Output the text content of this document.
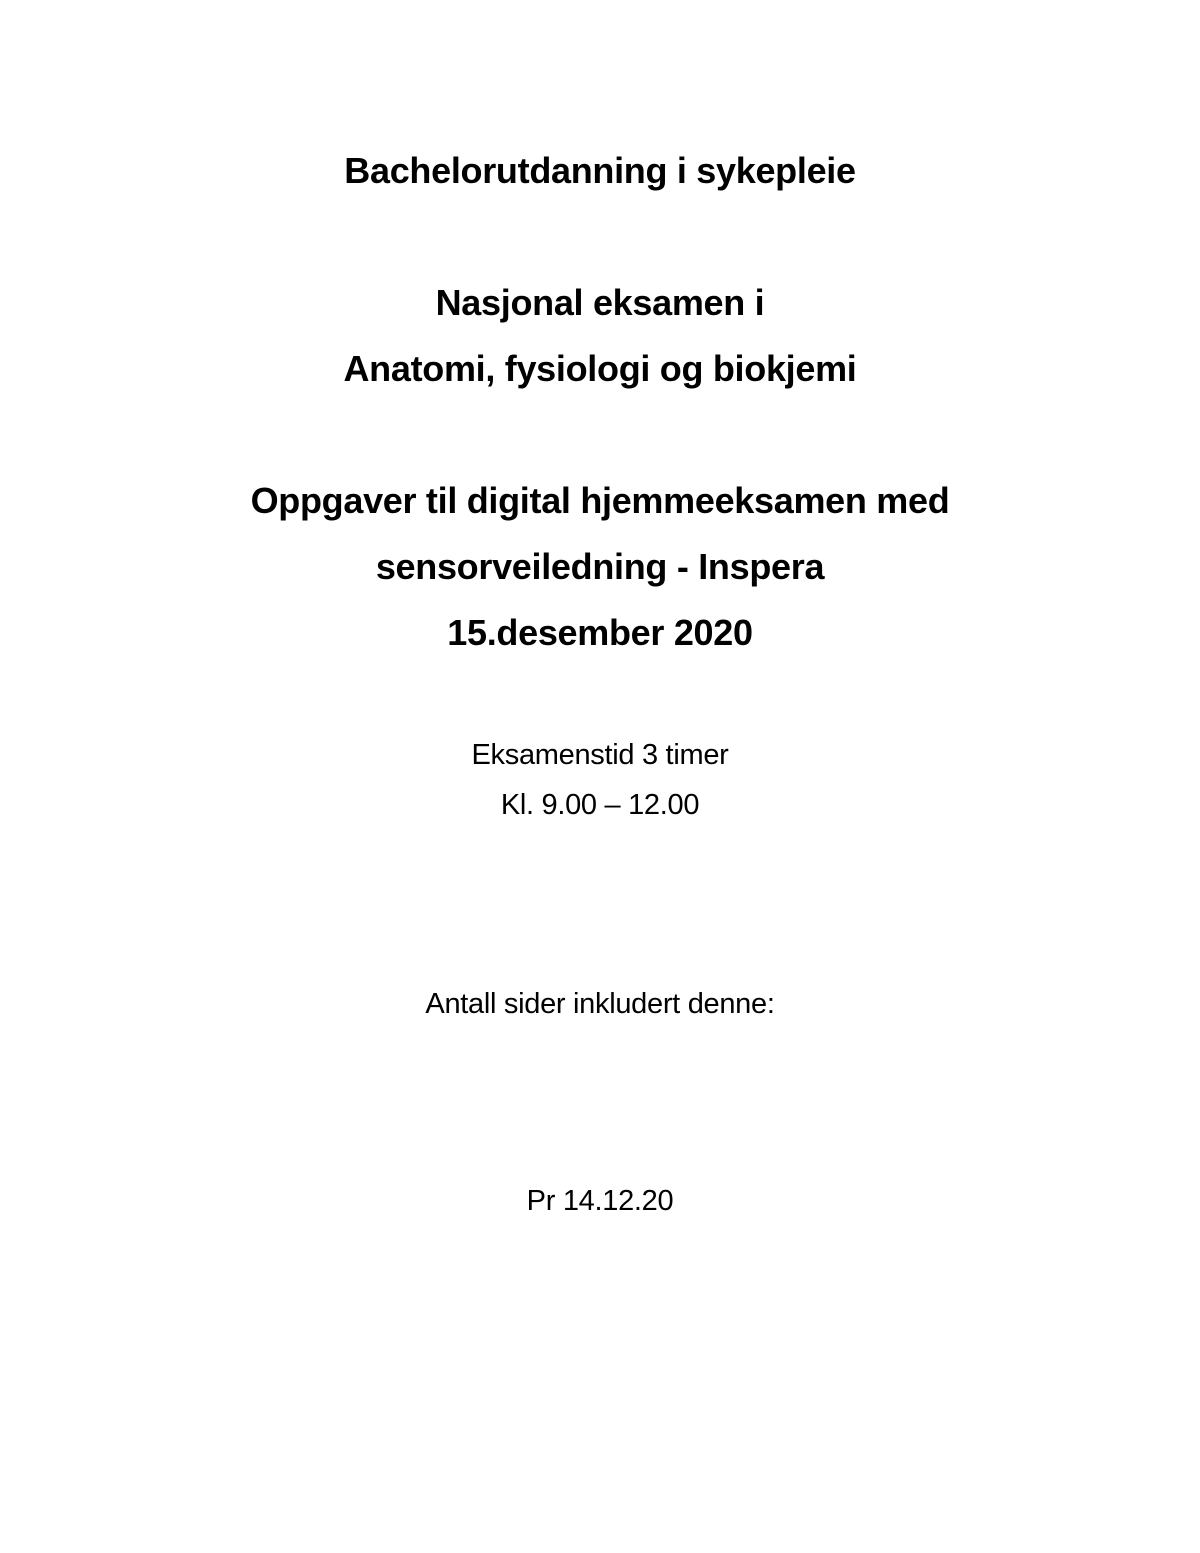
Bachelorutdanning i sykepleie
Nasjonal eksamen i
Anatomi, fysiologi og biokjemi
Oppgaver til digital hjemmeeksamen med
sensorveiledning - Inspera
15.desember 2020
Eksamenstid 3 timer
Kl. 9.00 – 12.00
Antall sider inkludert denne:
Pr 14.12.20
